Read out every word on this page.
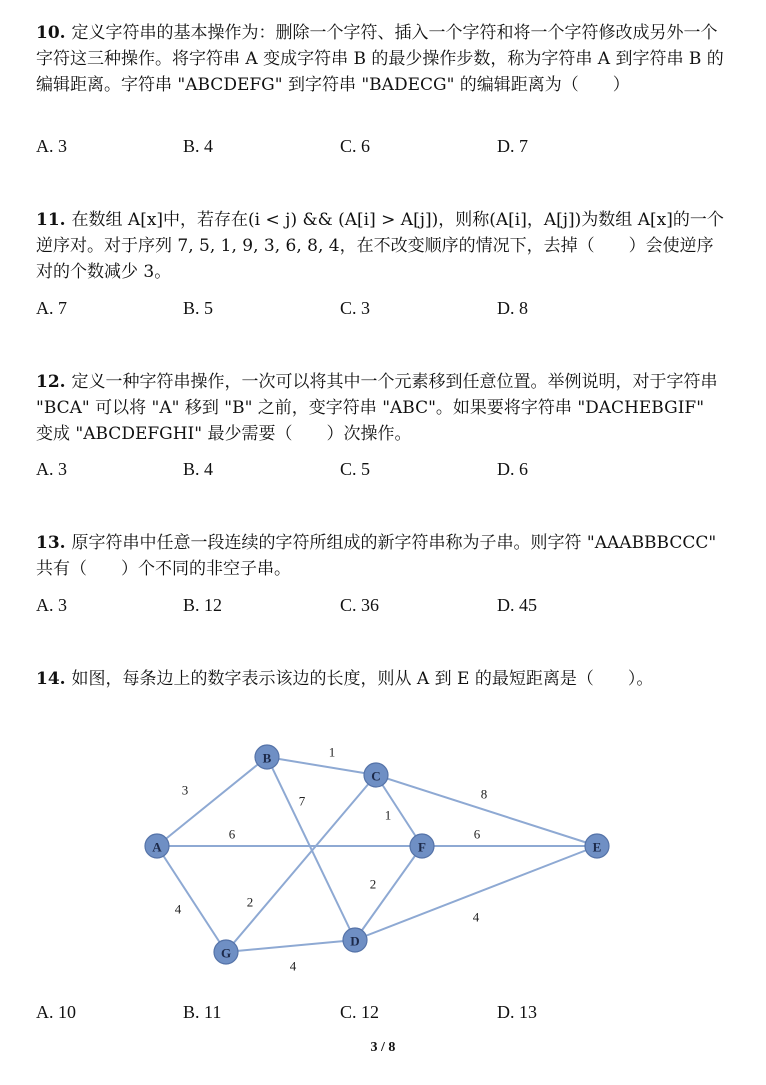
10. 定义字符串的基本操作为：删除一个字符、插入一个字符和将一个字符修改成另外一个字符这三种操作。将字符串 A 变成字符串 B 的最少操作步数，称为字符串 A 到字符串 B 的编辑距离。字符串 "ABCDEFG" 到字符串 "BADECG" 的编辑距离为（　　）

A. 3	B. 4	C. 6	D. 7

11. 在数组 A[x]中，若存在(i < j) && (A[i] > A[j])，则称(A[i]，A[j])为数组 A[x]的一个逆序对。对于序列 7, 5, 1, 9, 3, 6, 8, 4，在不改变顺序的情况下，去掉（　　）会使逆序对的个数减少 3。

A. 7	B. 5	C. 3	D. 8

12. 定义一种字符串操作，一次可以将其中一个元素移到任意位置。举例说明，对于字符串 "BCA" 可以将 "A" 移到 "B" 之前，变字符串 "ABC"。如果要将字符串 "DACHEBGIF" 变成 "ABCDEFGHI" 最少需要（　　）次操作。

A. 3	B. 4	C. 5	D. 6

13. 原字符串中任意一段连续的字符所组成的新字符串称为子串。则字符 "AAABBBCCC" 共有（　　）个不同的非空子串。

A. 3	B. 12	C. 36	D. 45

14. 如图，每条边上的数字表示该边的长度，则从 A 到 E 的最短距离是（　　）。

3
1
7
6
1
8
6
4	2
2
4
4
A
B
C
D
E
F
G
A. 10	B. 11	C. 12	D. 13
3 / 8
